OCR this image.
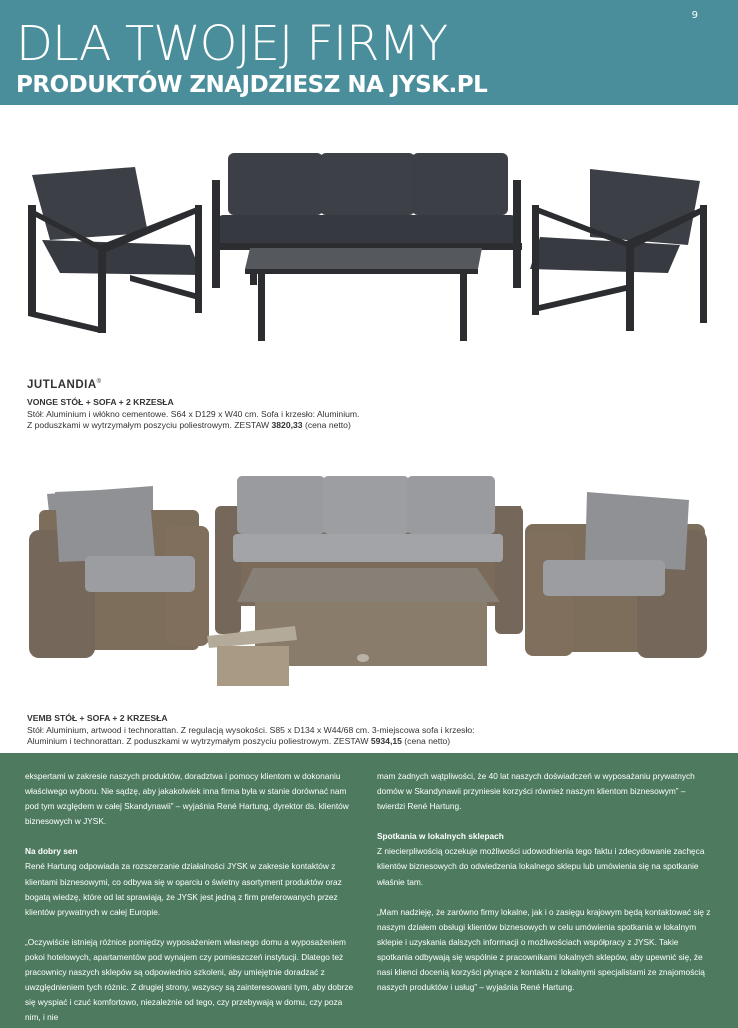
9
DLA TWOJEJ FIRMY
PRODUKTÓW ZNAJDZIESZ NA JYSK.PL
JUTLANDIA®
VONGE STÓŁ + SOFA + 2 KRZESŁA
Stół: Aluminium i włókno cementowe. S64 x D129 x W40 cm. Sofa i krzesło: Aluminium.
Z poduszkami w wytrzymałym poszyciu poliestrowym. ZESTAW 3820,33 (cena netto)
VEMB STÓŁ + SOFA + 2 KRZESŁA
Stół: Aluminium, artwood i technorattan. Z regulacją wysokości. S85 x D134 x W44/68 cm. 3-miejscowa sofa i krzesło:
Aluminium i technorattan. Z poduszkami w wytrzymałym poszyciu poliestrowym. ZESTAW 5934,15 (cena netto)

ekspertami w zakresie naszych produktów, doradztwa i pomocy klientom w dokonaniu właściwego wyboru. Nie sądzę, aby jakakolwiek inna firma była w stanie dorównać nam pod tym względem w całej Skandynawii” – wyjaśnia René Hartung, dyrektor ds. klientów biznesowych w JYSK.

Na dobry sen

René Hartung odpowiada za rozszerzanie działalności JYSK w zakresie kontaktów z klientami biznesowymi, co odbywa się w oparciu o świetny asortyment produktów oraz bogatą wiedzę, które od lat sprawiają, że JYSK jest jedną z firm preferowanych przez klientów prywatnych w całej Europie.

„Oczywiście istnieją różnice pomiędzy wyposażeniem własnego domu a wyposażeniem pokoi hotelowych, apartamentów pod wynajem czy pomieszczeń instytucji. Dlatego też pracownicy naszych sklepów są odpowiednio szkoleni, aby umiejętnie doradzać z uwzględnieniem tych różnic. Z drugiej strony, wszyscy są zainteresowani tym, aby dobrze się wyspiać i czuć komfortowo, niezależnie od tego, czy przebywają w domu, czy poza nim, i nie

mam żadnych wątpliwości, że 40 lat naszych doświadczeń w wyposażaniu prywatnych domów w Skandynawii przyniesie korzyści również naszym klientom biznesowym” – twierdzi René Hartung.

Spotkania w lokalnych sklepach

Z niecierpliwością oczekuje możliwości udowodnienia tego faktu i zdecydowanie zachęca klientów biznesowych do odwiedzenia lokalnego sklepu lub umówienia się na spotkanie właśnie tam.

„Mam nadzieję, że zarówno firmy lokalne, jak i o zasięgu krajowym będą kontaktować się z naszym działem obsługi klientów biznesowych w celu umówienia spotkania w lokalnym sklepie i uzyskania dalszych informacji o możliwościach współpracy z JYSK. Takie spotkania odbywają się wspólnie z pracownikami lokalnych sklepów, aby upewnić się, że nasi klienci docenią korzyści płynące z kontaktu z lokalnymi specjalistami ze znajomością naszych produktów i usług” – wyjaśnia René Hartung.
